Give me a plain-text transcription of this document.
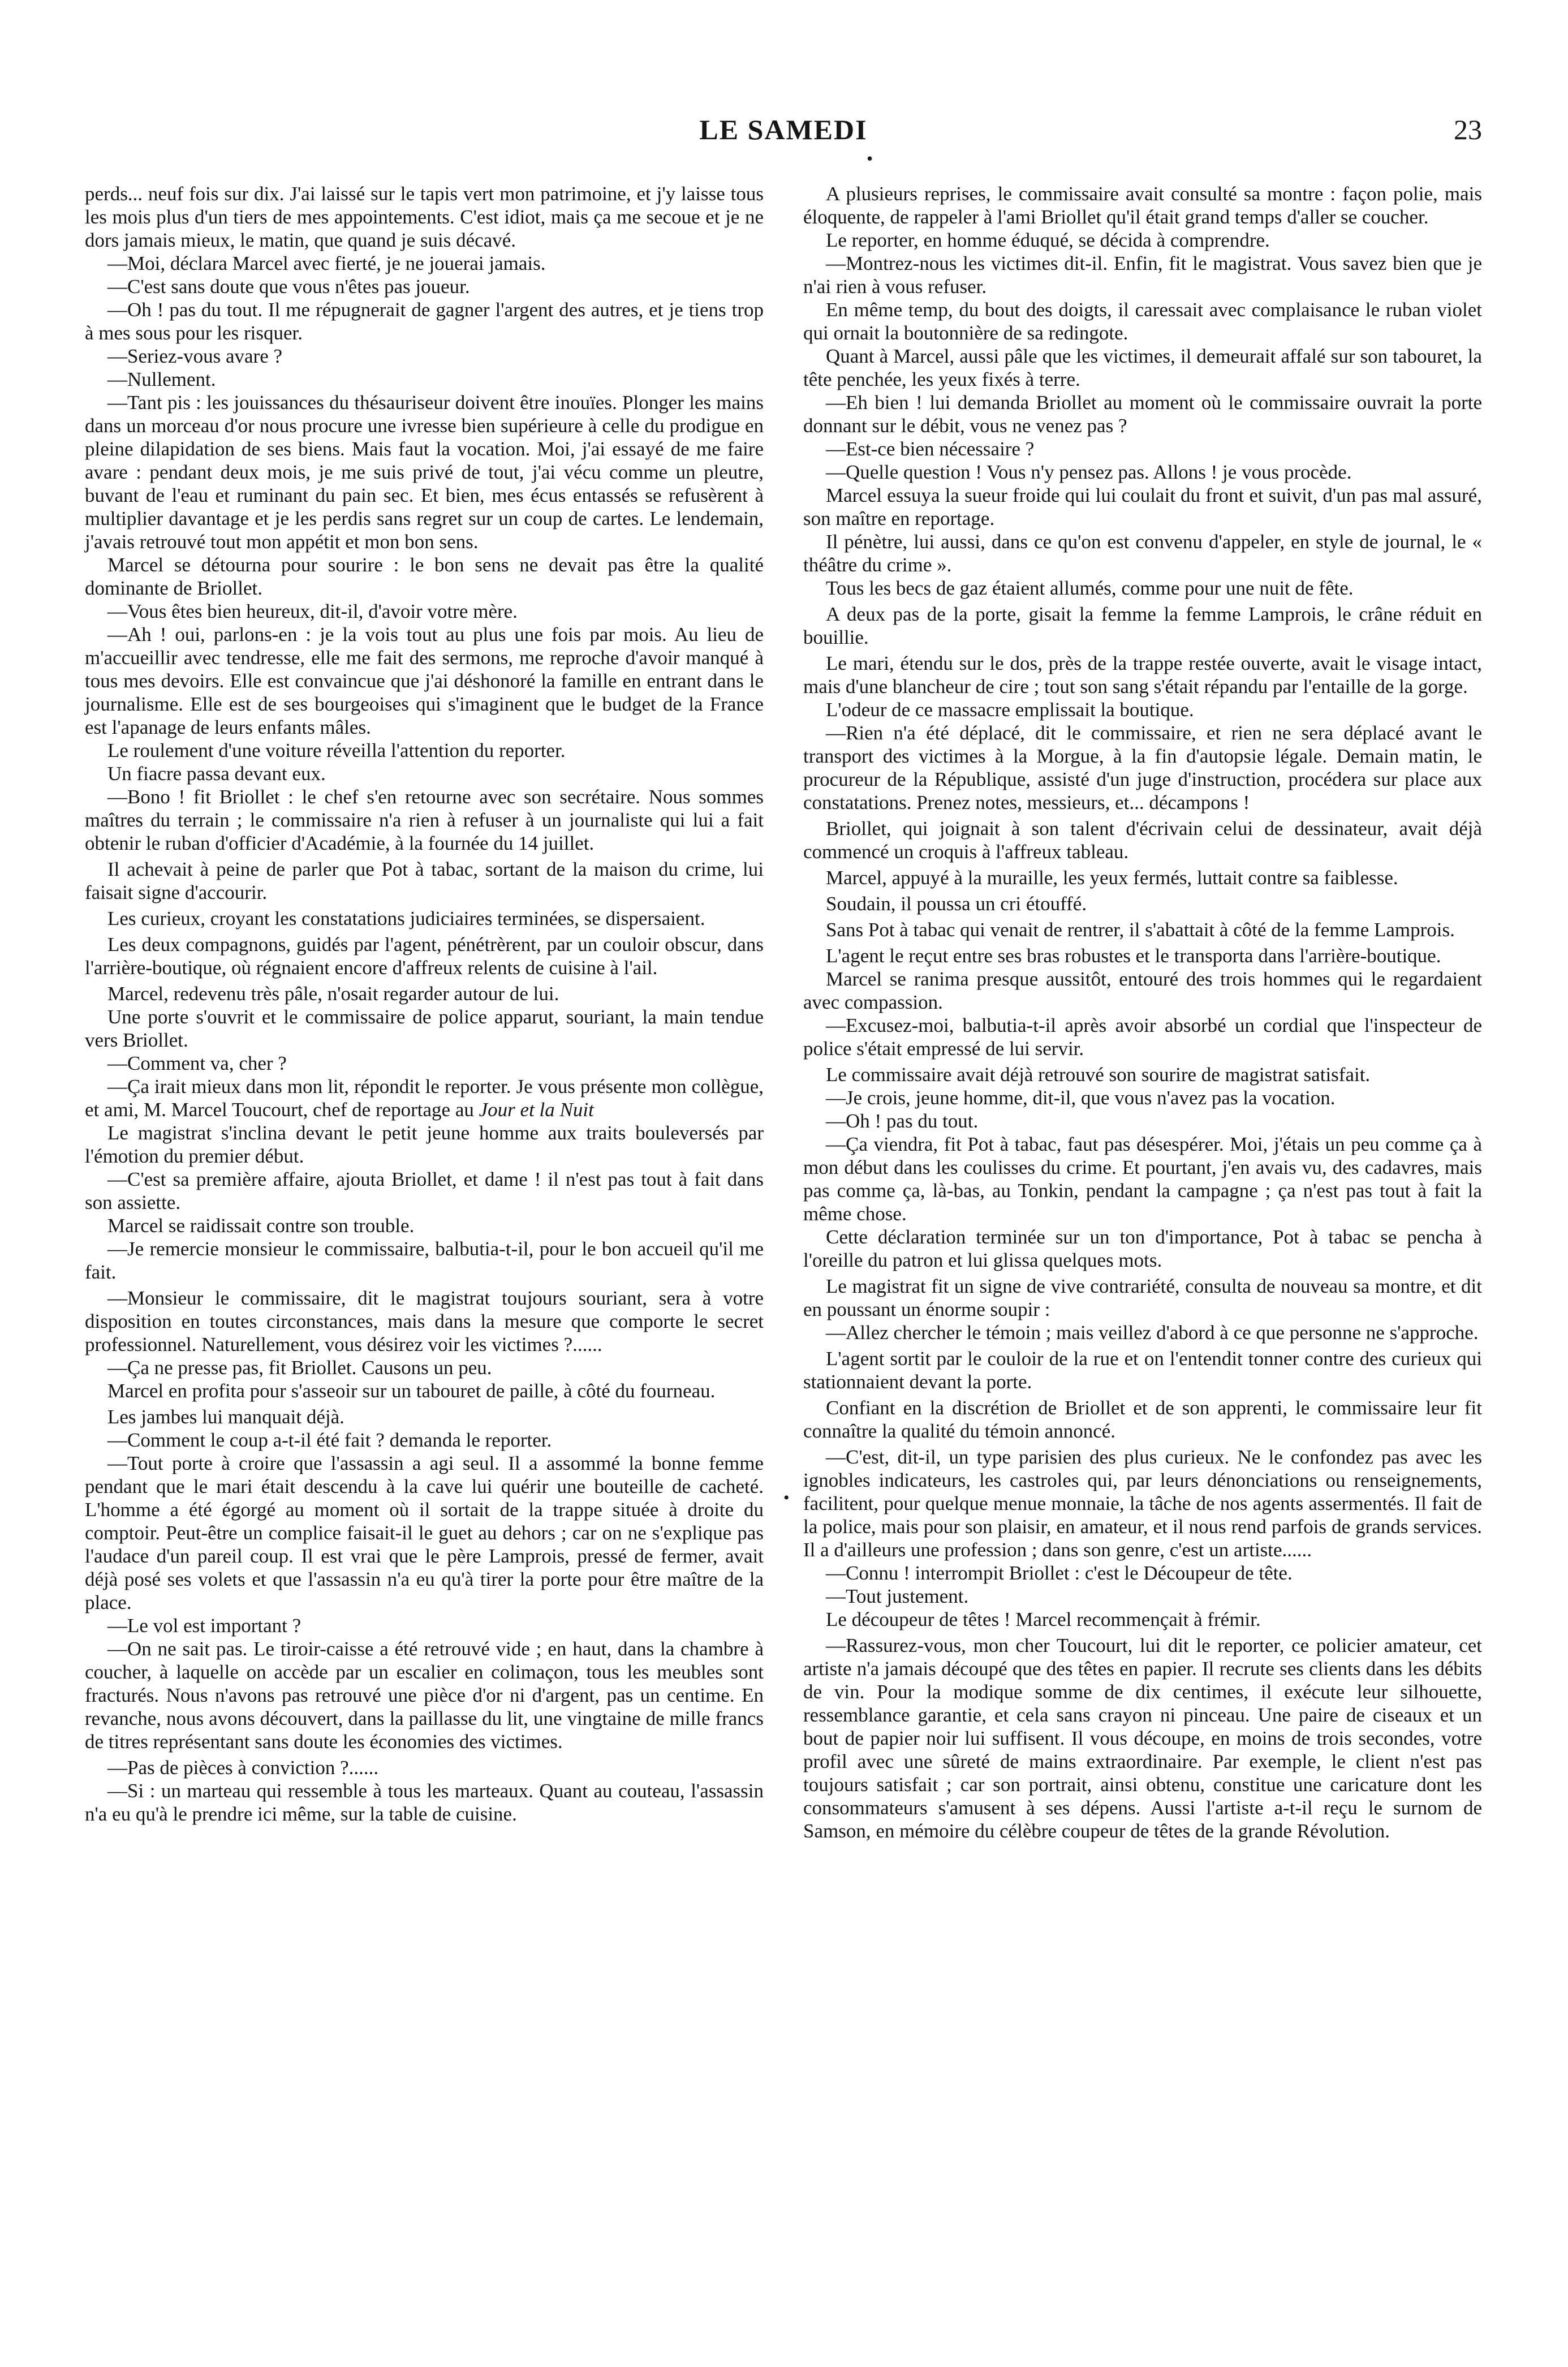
LE SAMEDI
•
23

perds... neuf fois sur dix. J'ai laissé sur le tapis vert mon patrimoine, et j'y laisse tous les mois plus d'un tiers de mes appointements. C'est idiot, mais ça me secoue et je ne dors jamais mieux, le matin, que quand je suis décavé.

—Moi, déclara Marcel avec fierté, je ne jouerai jamais.

—C'est sans doute que vous n'êtes pas joueur.

—Oh ! pas du tout. Il me répugnerait de gagner l'argent des autres, et je tiens trop à mes sous pour les risquer.

—Seriez-vous avare ?

—Nullement.

—Tant pis : les jouissances du thésauriseur doivent être inouïes. Plonger les mains dans un morceau d'or nous procure une ivresse bien supérieure à celle du prodigue en pleine dilapidation de ses biens. Mais faut la vocation. Moi, j'ai essayé de me faire avare : pendant deux mois, je me suis privé de tout, j'ai vécu comme un pleutre, buvant de l'eau et ruminant du pain sec. Et bien, mes écus entassés se refusèrent à multiplier davantage et je les perdis sans regret sur un coup de cartes. Le lendemain, j'avais retrouvé tout mon appétit et mon bon sens.

Marcel se détourna pour sourire : le bon sens ne devait pas être la qualité dominante de Briollet.

—Vous êtes bien heureux, dit-il, d'avoir votre mère.

—Ah ! oui, parlons-en : je la vois tout au plus une fois par mois. Au lieu de m'accueillir avec tendresse, elle me fait des sermons, me reproche d'avoir manqué à tous mes devoirs. Elle est convaincue que j'ai déshonoré la famille en entrant dans le journalisme. Elle est de ses bourgeoises qui s'imaginent que le budget de la France est l'apanage de leurs enfants mâles.

Le roulement d'une voiture réveilla l'attention du reporter.

Un fiacre passa devant eux.

—Bono ! fit Briollet : le chef s'en retourne avec son secrétaire. Nous sommes maîtres du terrain ; le commissaire n'a rien à refuser à un journaliste qui lui a fait obtenir le ruban d'officier d'Académie, à la fournée du 14 juillet.

Il achevait à peine de parler que Pot à tabac, sortant de la maison du crime, lui faisait signe d'accourir.

Les curieux, croyant les constatations judiciaires terminées, se dispersaient.

Les deux compagnons, guidés par l'agent, pénétrèrent, par un couloir obscur, dans l'arrière-boutique, où régnaient encore d'affreux relents de cuisine à l'ail.

Marcel, redevenu très pâle, n'osait regarder autour de lui.

Une porte s'ouvrit et le commissaire de police apparut, souriant, la main tendue vers Briollet.

—Comment va, cher ?

—Ça irait mieux dans mon lit, répondit le reporter. Je vous présente mon collègue, et ami, M. Marcel Toucourt, chef de reportage au Jour et la Nuit

Le magistrat s'inclina devant le petit jeune homme aux traits bouleversés par l'émotion du premier début.

—C'est sa première affaire, ajouta Briollet, et dame ! il n'est pas tout à fait dans son assiette.

Marcel se raidissait contre son trouble.

—Je remercie monsieur le commissaire, balbutia-t-il, pour le bon accueil qu'il me fait.

—Monsieur le commissaire, dit le magistrat toujours souriant, sera à votre disposition en toutes circonstances, mais dans la mesure que comporte le secret professionnel. Naturellement, vous désirez voir les victimes ?......

—Ça ne presse pas, fit Briollet. Causons un peu.

Marcel en profita pour s'asseoir sur un tabouret de paille, à côté du fourneau.

Les jambes lui manquait déjà.

—Comment le coup a-t-il été fait ? demanda le reporter.

—Tout porte à croire que l'assassin a agi seul. Il a assommé la bonne femme pendant que le mari était descendu à la cave lui quérir une bouteille de cacheté. L'homme a été égorgé au moment où il sortait de la trappe située à droite du comptoir. Peut-être un complice faisait-il le guet au dehors ; car on ne s'explique pas l'audace d'un pareil coup. Il est vrai que le père Lamprois, pressé de fermer, avait déjà posé ses volets et que l'assassin n'a eu qu'à tirer la porte pour être maître de la place.

—Le vol est important ?

—On ne sait pas. Le tiroir-caisse a été retrouvé vide ; en haut, dans la chambre à coucher, à laquelle on accède par un escalier en colimaçon, tous les meubles sont fracturés. Nous n'avons pas retrouvé une pièce d'or ni d'argent, pas un centime. En revanche, nous avons découvert, dans la paillasse du lit, une vingtaine de mille francs de titres représentant sans doute les économies des victimes.

—Pas de pièces à conviction ?......

—Si : un marteau qui ressemble à tous les marteaux. Quant au couteau, l'assassin n'a eu qu'à le prendre ici même, sur la table de cuisine.

A plusieurs reprises, le commissaire avait consulté sa montre : façon polie, mais éloquente, de rappeler à l'ami Briollet qu'il était grand temps d'aller se coucher.

Le reporter, en homme éduqué, se décida à comprendre.

—Montrez-nous les victimes dit-il. Enfin, fit le magistrat. Vous savez bien que je n'ai rien à vous refuser.

En même temp, du bout des doigts, il caressait avec complaisance le ruban violet qui ornait la boutonnière de sa redingote.

Quant à Marcel, aussi pâle que les victimes, il demeurait affalé sur son tabouret, la tête penchée, les yeux fixés à terre.

—Eh bien ! lui demanda Briollet au moment où le commissaire ouvrait la porte donnant sur le débit, vous ne venez pas ?

—Est-ce bien nécessaire ?

—Quelle question ! Vous n'y pensez pas. Allons ! je vous procède.

Marcel essuya la sueur froide qui lui coulait du front et suivit, d'un pas mal assuré, son maître en reportage.

Il pénètre, lui aussi, dans ce qu'on est convenu d'appeler, en style de journal, le « théâtre du crime ».

Tous les becs de gaz étaient allumés, comme pour une nuit de fête.

A deux pas de la porte, gisait la femme la femme Lamprois, le crâne réduit en bouillie.

Le mari, étendu sur le dos, près de la trappe restée ouverte, avait le visage intact, mais d'une blancheur de cire ; tout son sang s'était répandu par l'entaille de la gorge.

L'odeur de ce massacre emplissait la boutique.

—Rien n'a été déplacé, dit le commissaire, et rien ne sera déplacé avant le transport des victimes à la Morgue, à la fin d'autopsie légale. Demain matin, le procureur de la République, assisté d'un juge d'instruction, procédera sur place aux constatations. Prenez notes, messieurs, et... décampons !

Briollet, qui joignait à son talent d'écrivain celui de dessinateur, avait déjà commencé un croquis à l'affreux tableau.

Marcel, appuyé à la muraille, les yeux fermés, luttait contre sa faiblesse.

Soudain, il poussa un cri étouffé.

Sans Pot à tabac qui venait de rentrer, il s'abattait à côté de la femme Lamprois.

L'agent le reçut entre ses bras robustes et le transporta dans l'arrière-boutique.

Marcel se ranima presque aussitôt, entouré des trois hommes qui le regardaient avec compassion.

—Excusez-moi, balbutia-t-il après avoir absorbé un cordial que l'inspecteur de police s'était empressé de lui servir.

Le commissaire avait déjà retrouvé son sourire de magistrat satisfait.

—Je crois, jeune homme, dit-il, que vous n'avez pas la vocation.

—Oh ! pas du tout.

—Ça viendra, fit Pot à tabac, faut pas désespérer. Moi, j'étais un peu comme ça à mon début dans les coulisses du crime. Et pourtant, j'en avais vu, des cadavres, mais pas comme ça, là-bas, au Tonkin, pendant la campagne ; ça n'est pas tout à fait la même chose.

Cette déclaration terminée sur un ton d'importance, Pot à tabac se pencha à l'oreille du patron et lui glissa quelques mots.

Le magistrat fit un signe de vive contrariété, consulta de nouveau sa montre, et dit en poussant un énorme soupir :

—Allez chercher le témoin ; mais veillez d'abord à ce que personne ne s'approche.

L'agent sortit par le couloir de la rue et on l'entendit tonner contre des curieux qui stationnaient devant la porte.

Confiant en la discrétion de Briollet et de son apprenti, le commissaire leur fit connaître la qualité du témoin annoncé.

—C'est, dit-il, un type parisien des plus curieux. Ne le confondez pas avec les ignobles indicateurs, les castroles qui, par leurs dénonciations ou renseignements, facilitent, pour quelque menue monnaie, la tâche de nos agents assermentés. Il fait de la police, mais pour son plaisir, en amateur, et il nous rend parfois de grands services. Il a d'ailleurs une profession ; dans son genre, c'est un artiste......

—Connu ! interrompit Briollet : c'est le Découpeur de tête.

—Tout justement.

Le découpeur de têtes ! Marcel recommençait à frémir.

—Rassurez-vous, mon cher Toucourt, lui dit le reporter, ce policier amateur, cet artiste n'a jamais découpé que des têtes en papier. Il recrute ses clients dans les débits de vin. Pour la modique somme de dix centimes, il exécute leur silhouette, ressemblance garantie, et cela sans crayon ni pinceau. Une paire de ciseaux et un bout de papier noir lui suffisent. Il vous découpe, en moins de trois secondes, votre profil avec une sûreté de mains extraordinaire. Par exemple, le client n'est pas toujours satisfait ; car son portrait, ainsi obtenu, constitue une caricature dont les consommateurs s'amusent à ses dépens. Aussi l'artiste a-t-il reçu le surnom de Samson, en mémoire du célèbre coupeur de têtes de la grande Révolution.

•
